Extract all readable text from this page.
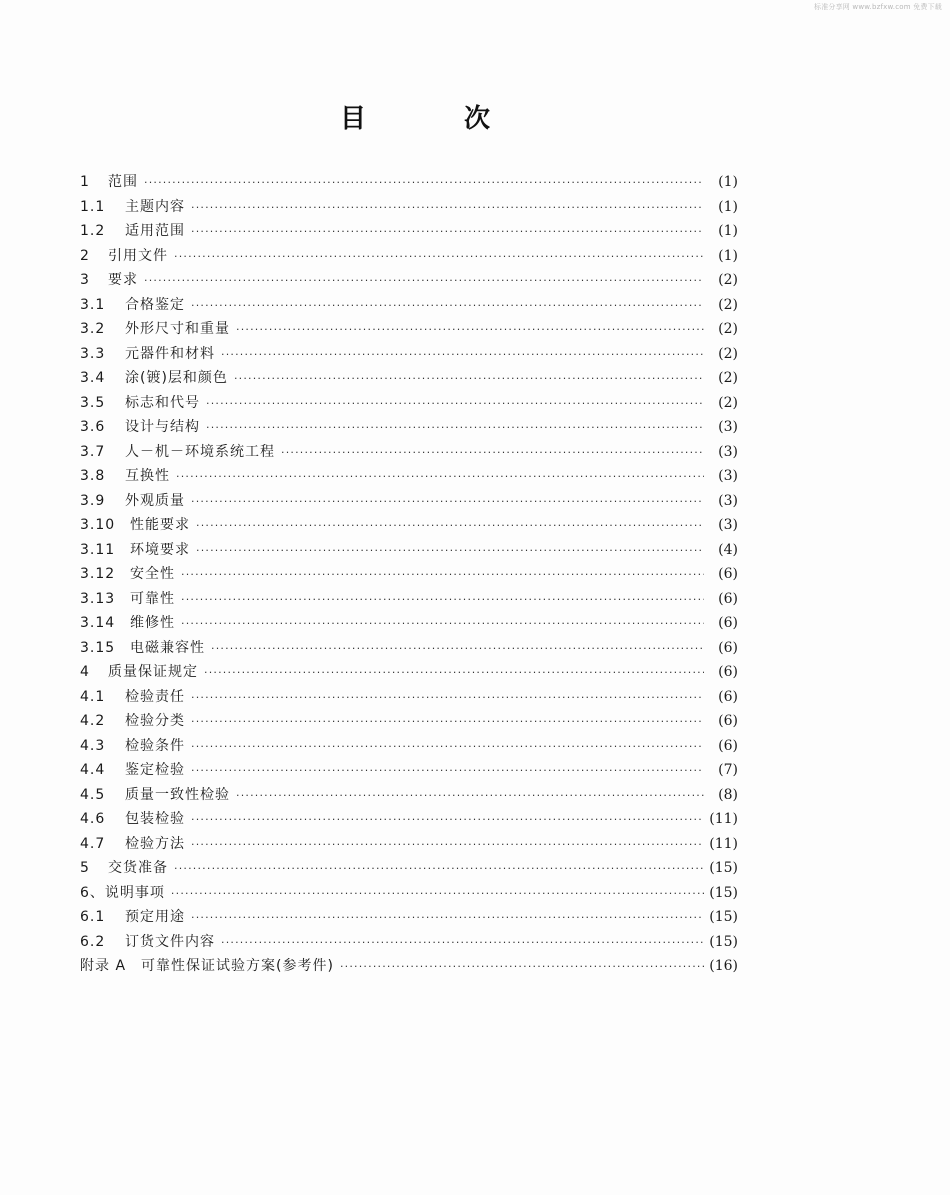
标准分享网 www.bzfxw.com 免费下载
目	次
1	范围 ·····	(1)
1.1	主题内容 ·····	(1)
1.2	适用范围 ·····	(1)
2	引用文件 ·····	(1)
3	要求 ·····	(2)
3.1	合格鉴定 ·····	(2)
3.2	外形尺寸和重量 ·····	(2)
3.3	元器件和材料 ·····	(2)
3.4	涂(镀)层和颜色 ·····	(2)
3.5	标志和代号 ·····	(2)
3.6	设计与结构 ·····	(3)
3.7	人－机－环境系统工程 ·····	(3)
3.8	互换性 ·····	(3)
3.9	外观质量 ·····	(3)
3.10	性能要求 ·····	(3)
3.11	环境要求 ·····	(4)
3.12	安全性 ·····	(6)
3.13	可靠性 ·····	(6)
3.14	维修性 ·····	(6)
3.15	电磁兼容性 ·····	(6)
4	质量保证规定 ·····	(6)
4.1	检验责任 ·····	(6)
4.2	检验分类 ·····	(6)
4.3	检验条件 ·····	(6)
4.4	鉴定检验 ·····	(7)
4.5	质量一致性检验 ·····	(8)
4.6	包装检验 ·····	(11)
4.7	检验方法 ·····	(11)
5	交货准备 ·····	(15)
6、说明事项 ·····	(15)
6.1	预定用途 ·····	(15)
6.2	订货文件内容 ·····	(15)
附录 A　可靠性保证试验方案(参考件) ·····	(16)
